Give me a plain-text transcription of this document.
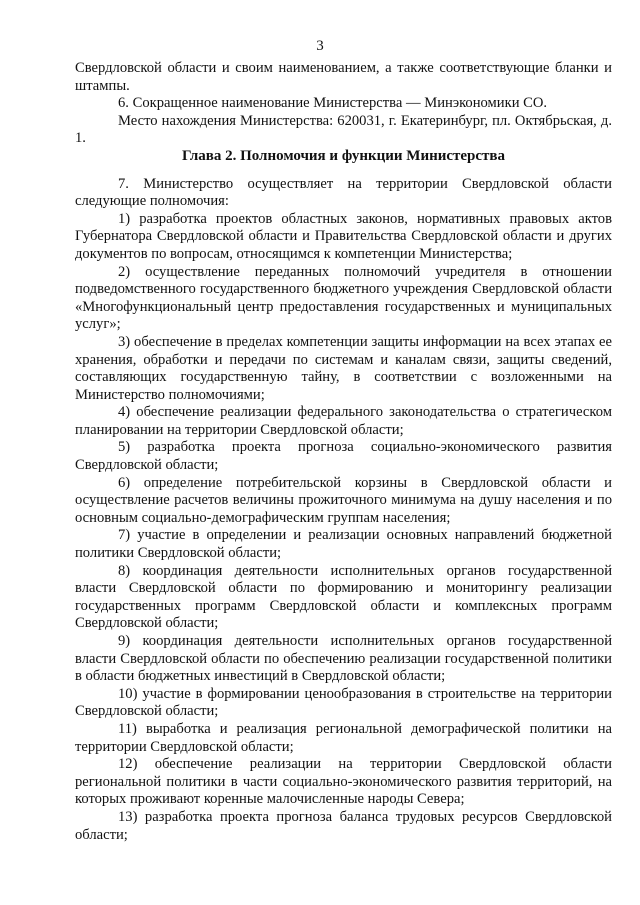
3

Свердловской области и своим наименованием, а также соответствующие бланки и штампы.

6. Сокращенное наименование Министерства — Минэкономики СО.

Место нахождения Министерства: 620031, г. Екатеринбург, пл. Октябрьская, д. 1.

Глава 2. Полномочия и функции Министерства

7. Министерство осуществляет на территории Свердловской области следующие полномочия:

1) разработка проектов областных законов, нормативных правовых актов Губернатора Свердловской области и Правительства Свердловской области и других документов по вопросам, относящимся к компетенции Министерства;

2) осуществление переданных полномочий учредителя в отношении подведомственного государственного бюджетного учреждения Свердловской области «Многофункциональный центр предоставления государственных и муниципальных услуг»;

3) обеспечение в пределах компетенции защиты информации на всех этапах ее хранения, обработки и передачи по системам и каналам связи, защиты сведений, составляющих государственную тайну, в соответствии с возложенными на Министерство полномочиями;

4) обеспечение реализации федерального законодательства о стратегическом планировании на территории Свердловской области;

5) разработка проекта прогноза социально-экономического развития Свердловской области;

6) определение потребительской корзины в Свердловской области и осуществление расчетов величины прожиточного минимума на душу населения и по основным социально-демографическим группам населения;

7) участие в определении и реализации основных направлений бюджетной политики Свердловской области;

8) координация деятельности исполнительных органов государственной власти Свердловской области по формированию и мониторингу реализации государственных программ Свердловской области и комплексных программ Свердловской области;

9) координация деятельности исполнительных органов государственной власти Свердловской области по обеспечению реализации государственной политики в области бюджетных инвестиций в Свердловской области;

10) участие в формировании ценообразования в строительстве на территории Свердловской области;

11) выработка и реализация региональной демографической политики на территории Свердловской области;

12) обеспечение реализации на территории Свердловской области региональной политики в части социально-экономического развития территорий, на которых проживают коренные малочисленные народы Севера;

13) разработка проекта прогноза баланса трудовых ресурсов Свердловской области;
